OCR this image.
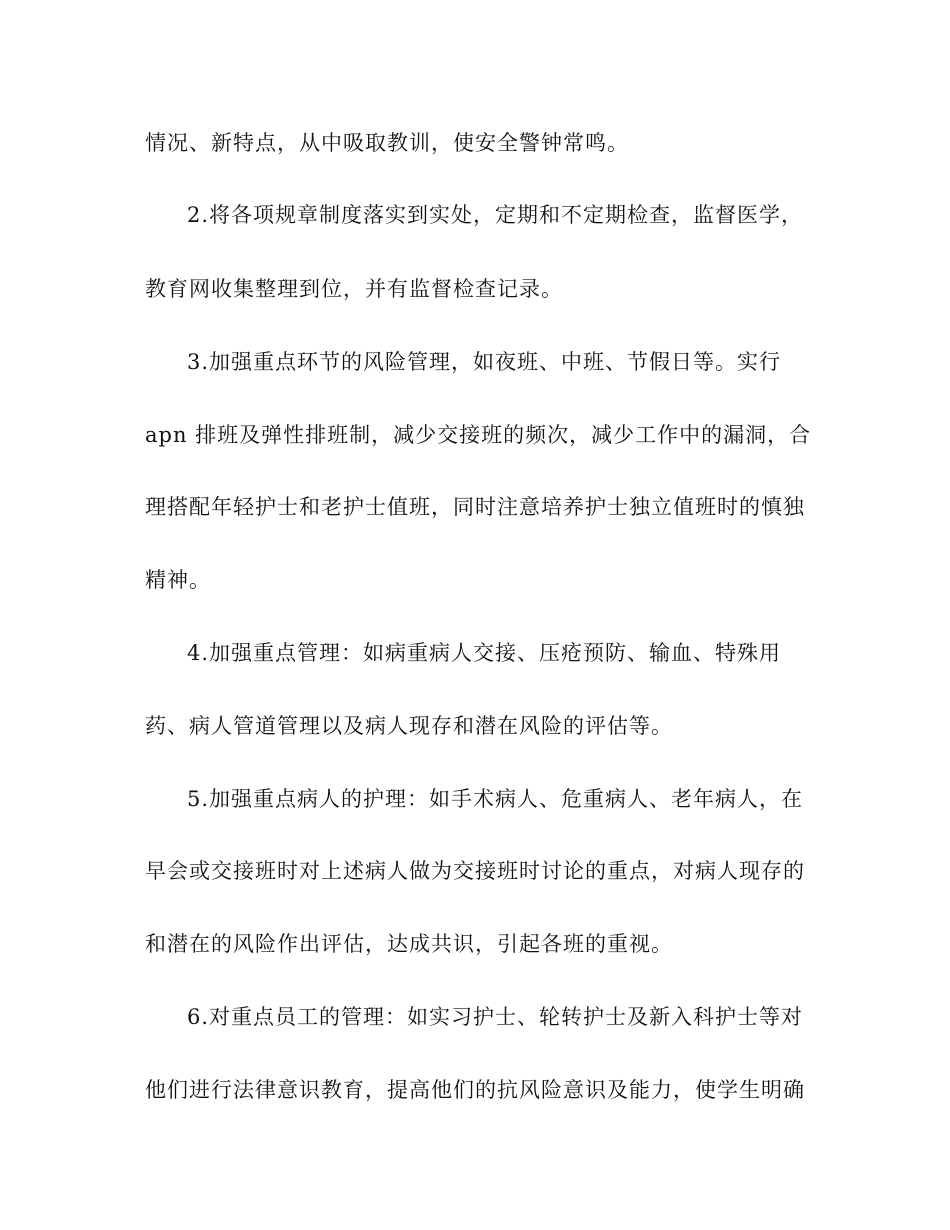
情况、新特点，从中吸取教训，使安全警钟常鸣。
2.将各项规章制度落实到实处，定期和不定期检查，监督医学，
教育网收集整理到位，并有监督检查记录。
3.加强重点环节的风险管理，如夜班、中班、节假日等。实行
apn 排班及弹性排班制，减少交接班的频次，减少工作中的漏洞，合
理搭配年轻护士和老护士值班，同时注意培养护士独立值班时的慎独
精神。
4.加强重点管理：如病重病人交接、压疮预防、输血、特殊用
药、病人管道管理以及病人现存和潜在风险的评估等。
5.加强重点病人的护理：如手术病人、危重病人、老年病人，在
早会或交接班时对上述病人做为交接班时讨论的重点，对病人现存的
和潜在的风险作出评估，达成共识，引起各班的重视。
6.对重点员工的管理：如实习护士、轮转护士及新入科护士等对
他们进行法律意识教育，提高他们的抗风险意识及能力，使学生明确
